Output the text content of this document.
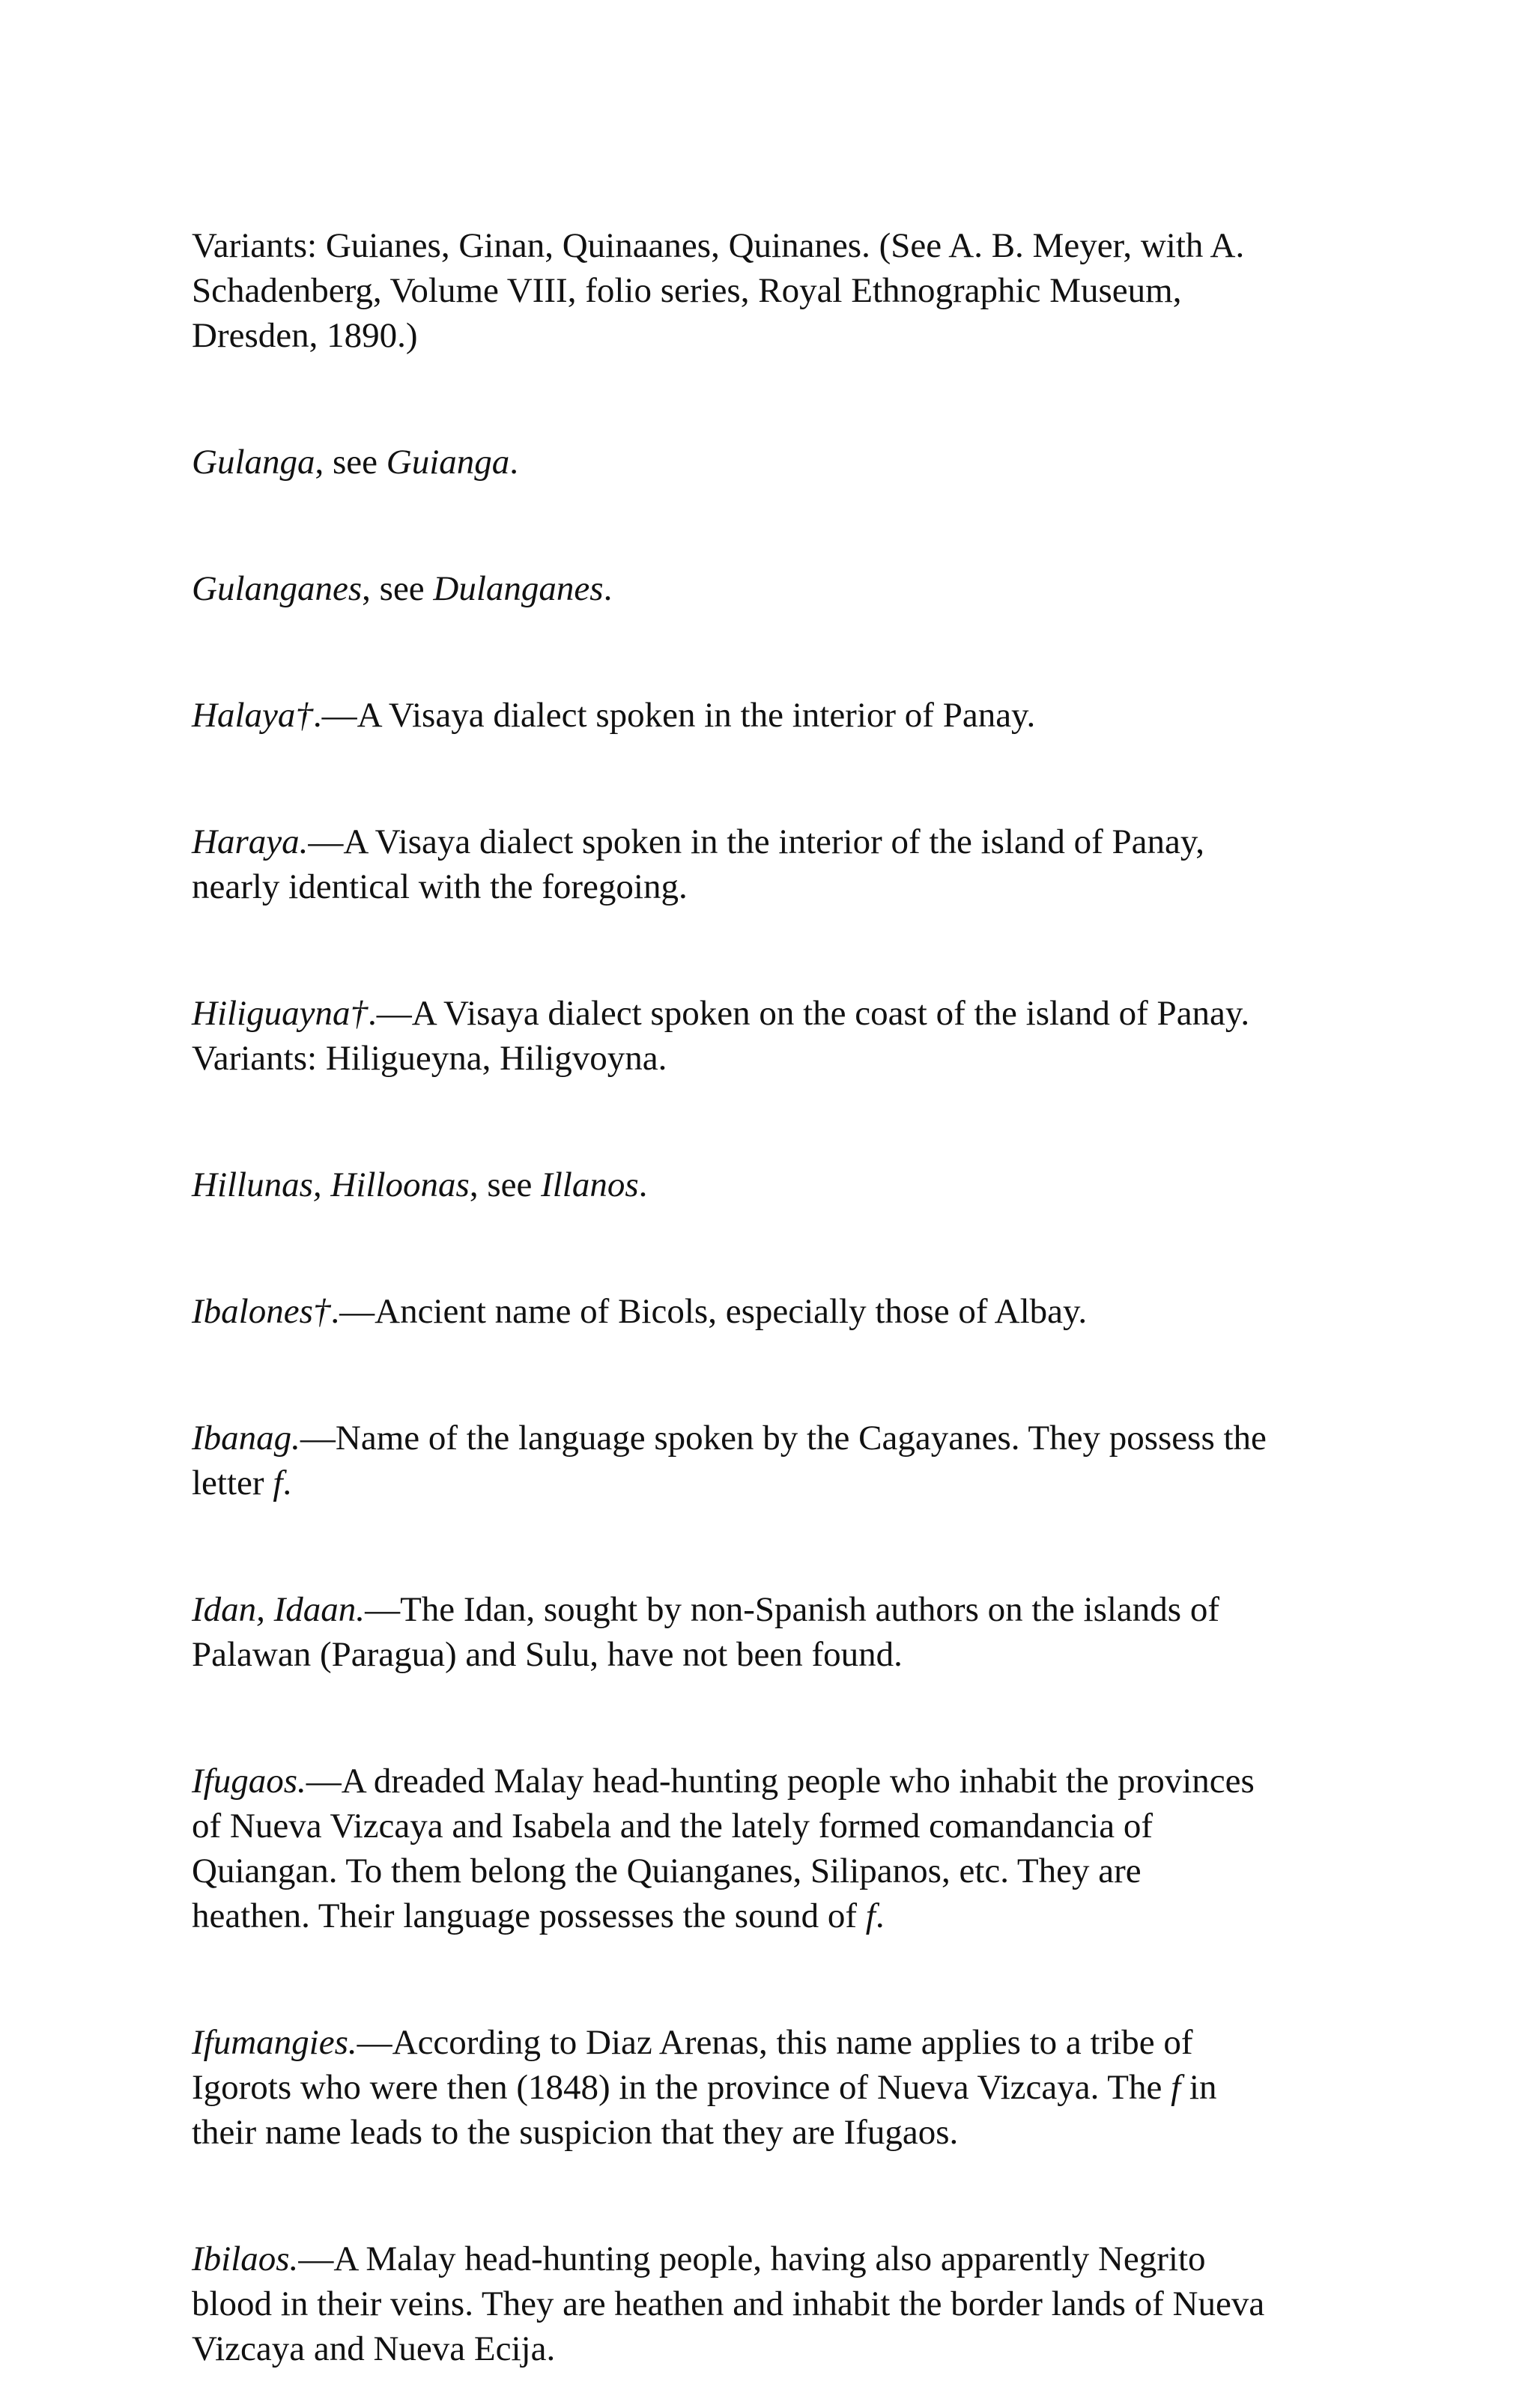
Variants: Guianes, Ginan, Quinaanes, Quinanes. (See A. B. Meyer, with A.
Schadenberg, Volume VIII, folio series, Royal Ethnographic Museum,
Dresden, 1890.)

Gulanga, see Guianga.

Gulanganes, see Dulanganes.

Halaya†.—A Visaya dialect spoken in the interior of Panay.

Haraya.—A Visaya dialect spoken in the interior of the island of Panay,
nearly identical with the foregoing.

Hiliguayna†.—A Visaya dialect spoken on the coast of the island of Panay.
Variants: Hiligueyna, Hiligvoyna.

Hillunas, Hilloonas, see Illanos.

Ibalones†.—Ancient name of Bicols, especially those of Albay.

Ibanag.—Name of the language spoken by the Cagayanes. They possess the
letter f.

Idan, Idaan.—The Idan, sought by non-Spanish authors on the islands of
Palawan (Paragua) and Sulu, have not been found.

Ifugaos.—A dreaded Malay head-hunting people who inhabit the provinces
of Nueva Vizcaya and Isabela and the lately formed comandancia of
Quiangan. To them belong the Quianganes, Silipanos, etc. They are
heathen. Their language possesses the sound of f.

Ifumangies.—According to Diaz Arenas, this name applies to a tribe of
Igorots who were then (1848) in the province of Nueva Vizcaya. The f in
their name leads to the suspicion that they are Ifugaos.

Ibilaos.—A Malay head-hunting people, having also apparently Negrito
blood in their veins. They are heathen and inhabit the border lands of Nueva
Vizcaya and Nueva Ecija.
